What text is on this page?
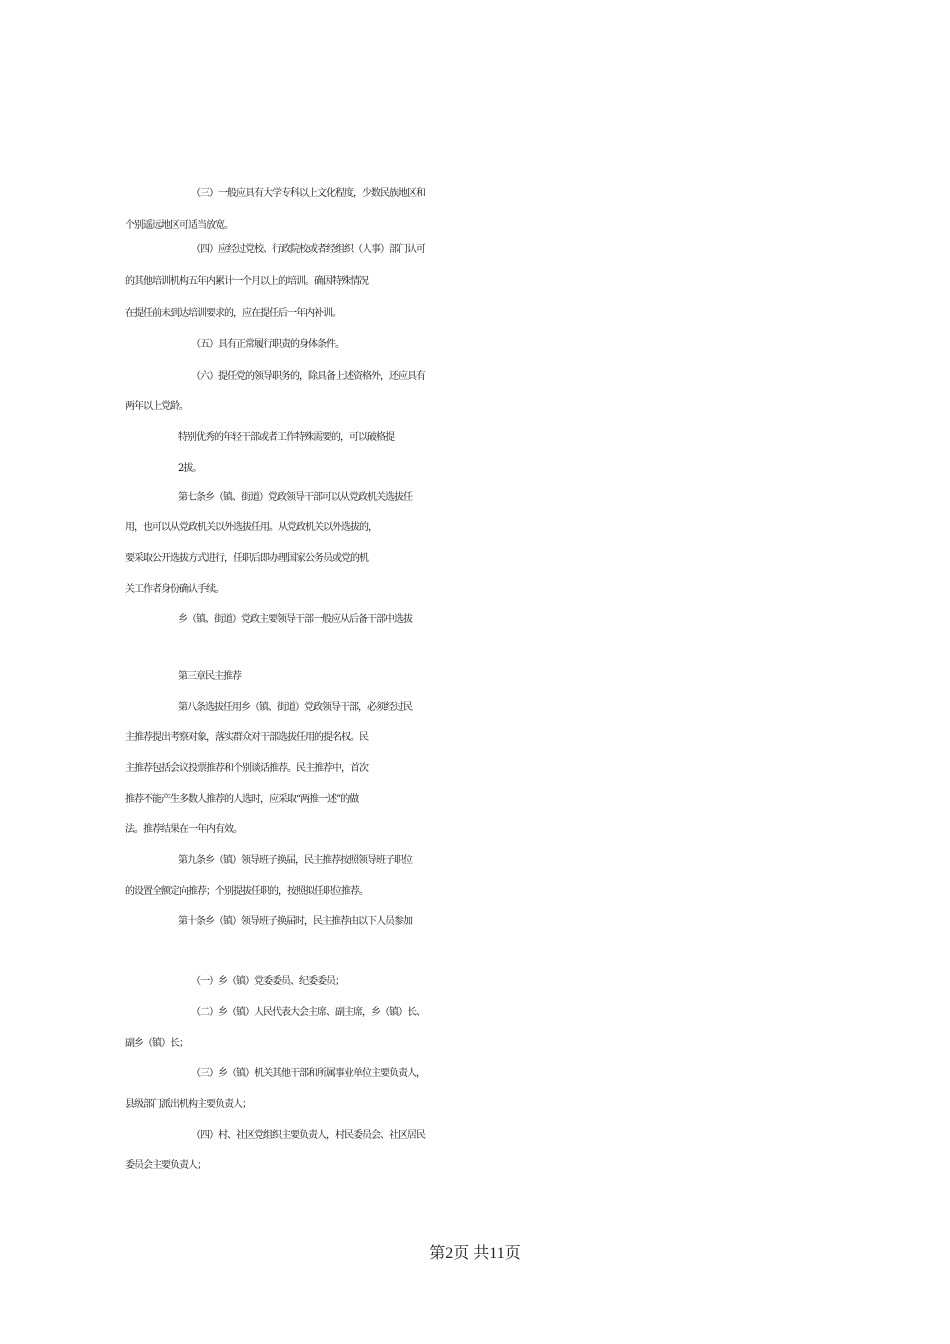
（三）一般应具有大学专科以上文化程度，少数民族地区和
个别遥远地区可适当放宽。
（四）应经过党校、行政院校或者经组织（人事）部门认可
的其他培训机构五年内累计一个月以上的培训。确因特殊情况
在提任前未到达培训要求的，应在提任后一年内补训。
（五）具有正常履行职责的身体条件。
（六）提任党的领导职务的，除具备上述资格外，还应具有
两年以上党龄。
特别优秀的年轻干部或者工作特殊需要的，可以破格提
2拔。
第七条乡（镇、街道）党政领导干部可以从党政机关选拔任
用，也可以从党政机关以外选拔任用。从党政机关以外选拔的，
要采取公开选拔方式进行，任职后即办理国家公务员或党的机
关工作者身份确认手续。
乡（镇、街道）党政主要领导干部一般应从后备干部中选拔
第三章民主推荐
第八条选拔任用乡（镇、街道）党政领导干部，必须经过民
主推荐提出考察对象，落实群众对干部选拔任用的提名权。民
主推荐包括会议投票推荐和个别谈话推荐。民主推荐中，首次
推荐不能产生多数人推荐的人选时，应采取“两推一述”的做
法。推荐结果在一年内有效。
第九条乡（镇）领导班子换届，民主推荐按照领导班子职位
的设置全额定向推荐；个别提拔任职的，按照拟任职位推荐。
第十条乡（镇）领导班子换届时，民主推荐由以下人员参加
（一）乡（镇）党委委员、纪委委员；
（二）乡（镇）人民代表大会主席、副主席，乡（镇）长、
副乡（镇）长；
（三）乡（镇）机关其他干部和所属事业单位主要负责人，
县级部门派出机构主要负责人；
（四）村、社区党组织主要负责人，村民委员会、社区居民
委员会主要负责人；
第2页 共11页
